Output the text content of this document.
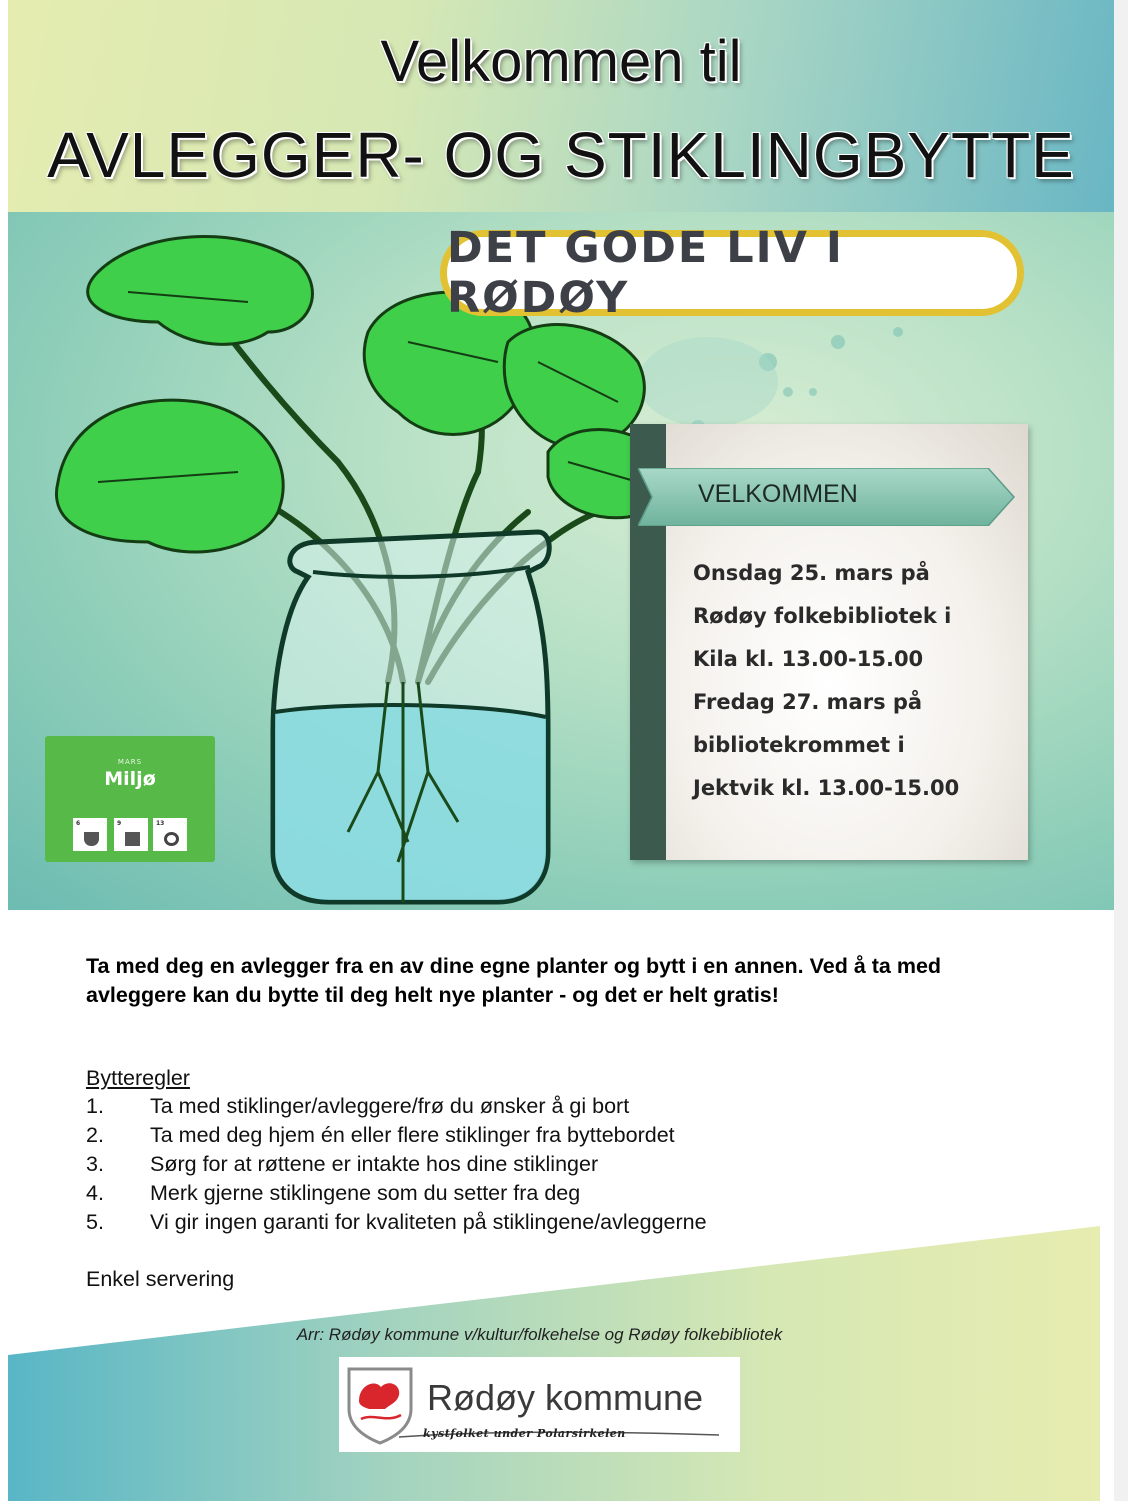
Velkommen til
AVLEGGER- OG STIKLINGBYTTE
DET GODE LIV I RØDØY

Onsdag 25. mars på

Rødøy folkebibliotek i

Kila kl. 13.00-15.00

Fredag 27. mars på

bibliotekrommet i

Jektvik kl. 13.00-15.00

VELKOMMEN
MARS
Miljø
6	9	13
Ta med deg en avlegger fra en av dine egne planter og bytt i en annen. Ved å ta med avleggere kan du bytte til deg helt nye planter - og det er helt gratis!
Bytteregler
1. Ta med stiklinger/avleggere/frø du ønsker å gi bort
2. Ta med deg hjem én eller flere stiklinger fra byttebordet
3. Sørg for at røttene er intakte hos dine stiklinger
4. Merk gjerne stiklingene som du setter fra deg
5. Vi gir ingen garanti for kvaliteten på stiklingene/avleggerne
Enkel servering
Arr: Rødøy kommune v/kultur/folkehelse og Rødøy folkebibliotek
Rødøy kommune
kystfolket under Polarsirkelen
